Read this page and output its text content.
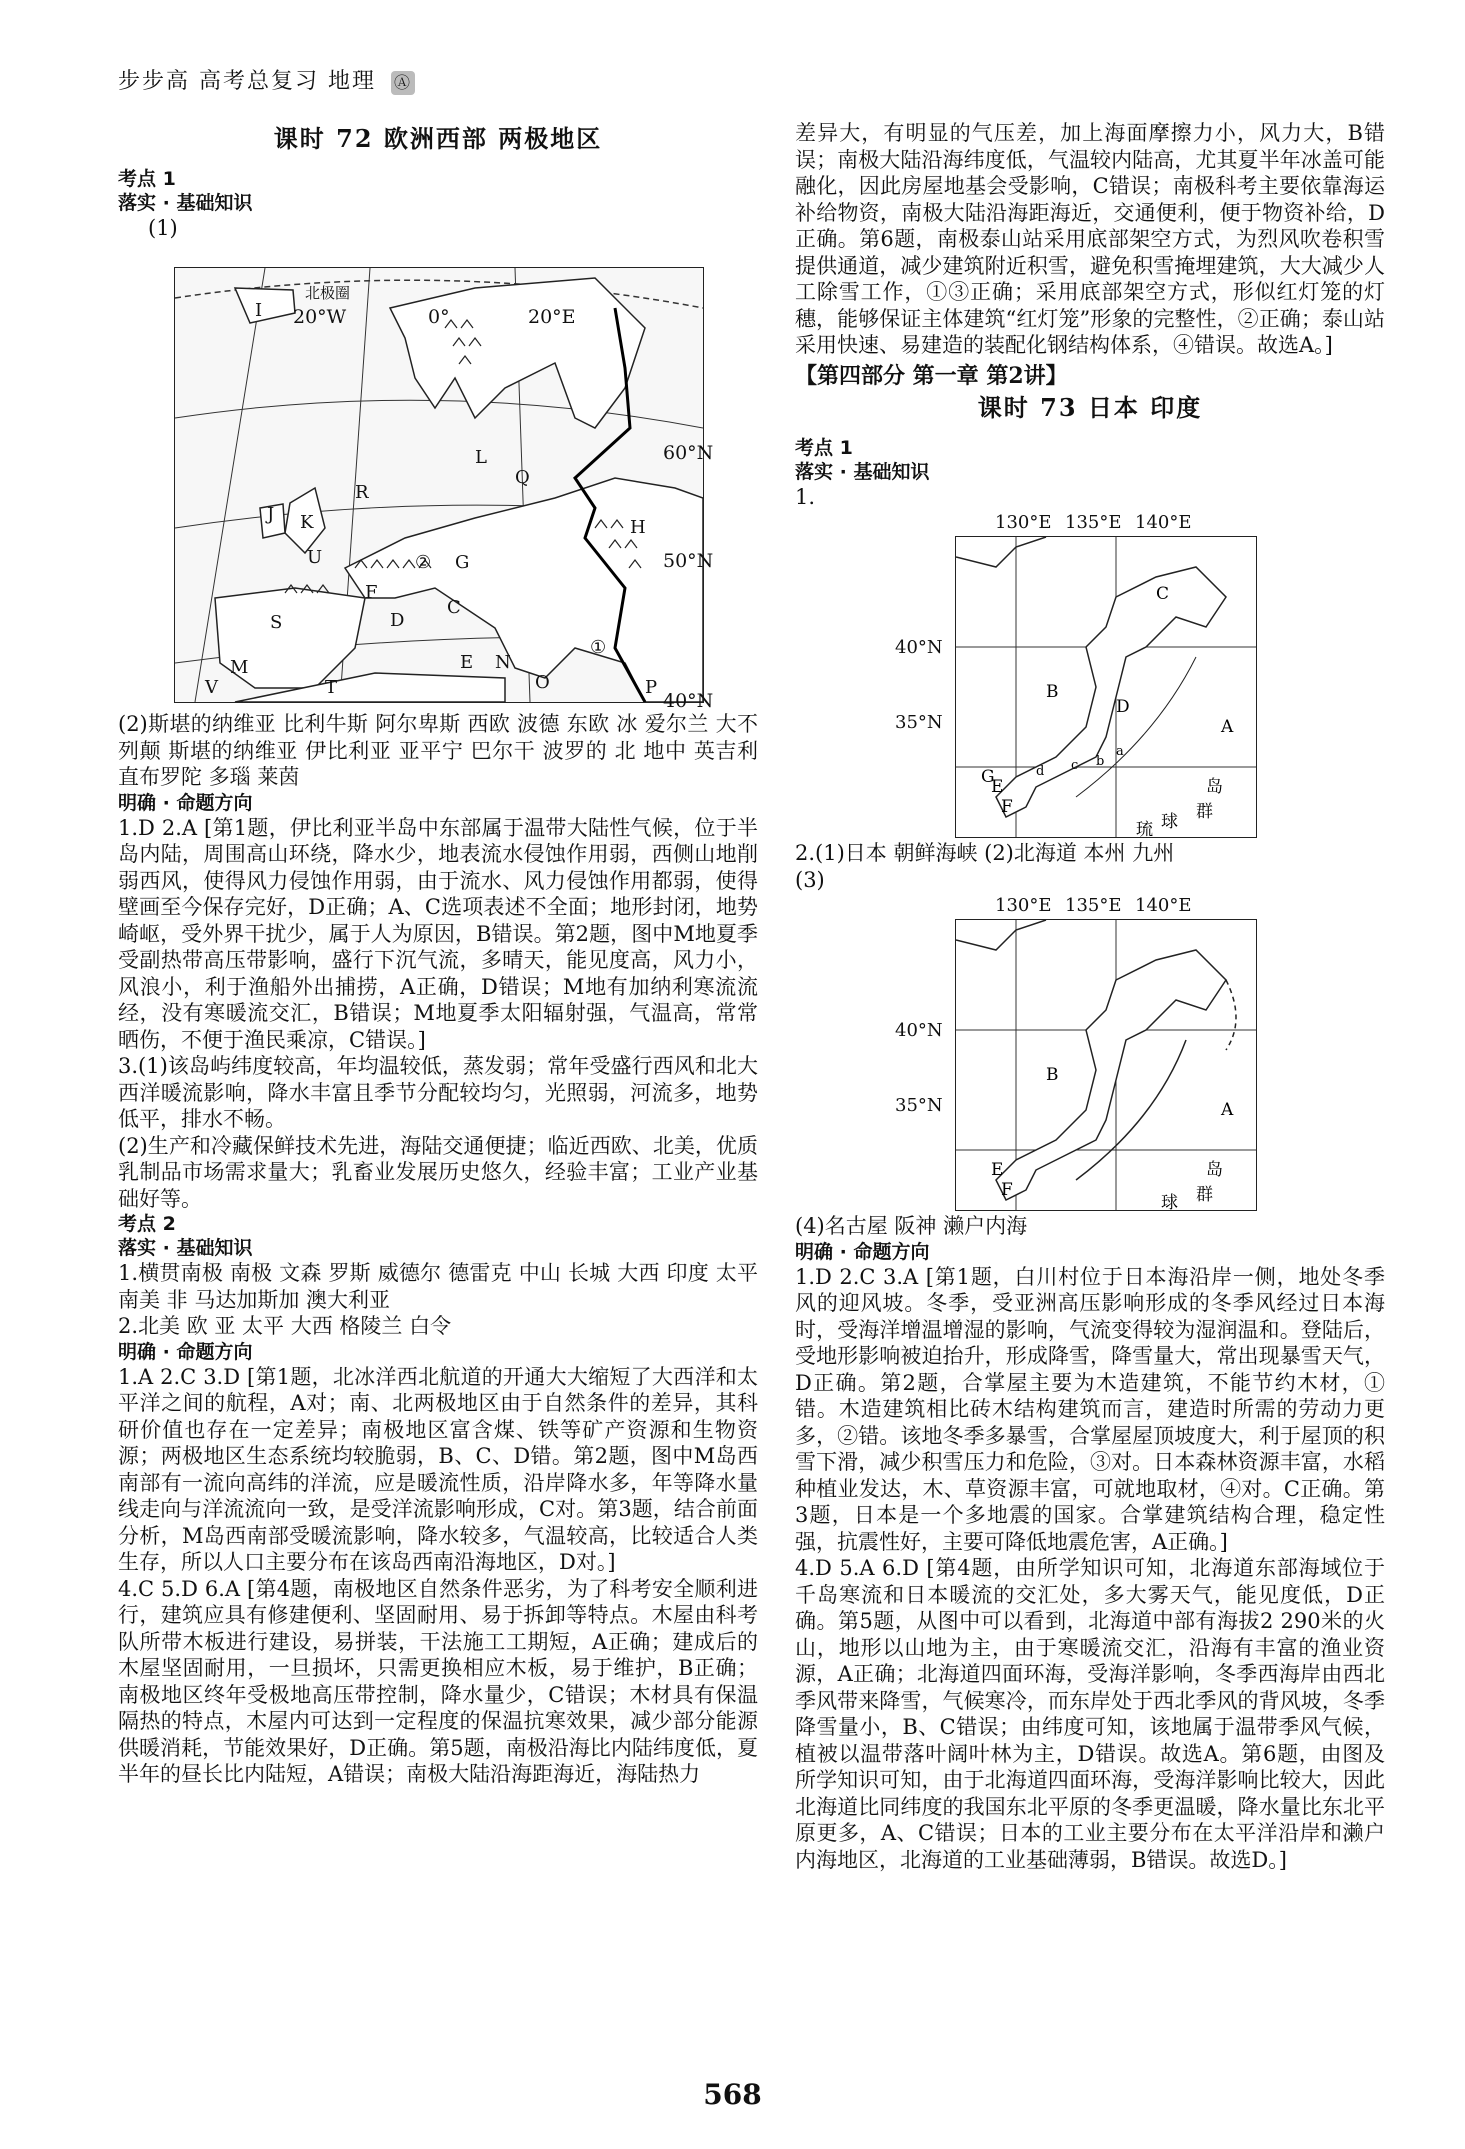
步步高 高考总复习 地理 Ⓐ
课时 72 欧洲西部 两极地区
考点 1
落实 · 基础知识

(1)

I
J K
U
R
L
Q
H
G
F
S	D
C
E N
O
M
V	T	P
②
①
北极圈
20°W	0°	20°E
60°N
50°N
40°N

(2)斯堪的纳维亚 比利牛斯 阿尔卑斯 西欧 波德 东欧 冰 爱尔兰 大不列颠 斯堪的纳维亚 伊比利亚 亚平宁 巴尔干 波罗的 北 地中 英吉利 直布罗陀 多瑙 莱茵

明确 · 命题方向

1.D 2.A [第1题，伊比利亚半岛中东部属于温带大陆性气候，位于半岛内陆，周围高山环绕，降水少，地表流水侵蚀作用弱，西侧山地削弱西风，使得风力侵蚀作用弱，由于流水、风力侵蚀作用都弱，使得壁画至今保存完好，D正确；A、C选项表述不全面；地形封闭，地势崎岖，受外界干扰少，属于人为原因，B错误。第2题，图中M地夏季受副热带高压带影响，盛行下沉气流，多晴天，能见度高，风力小，风浪小，利于渔船外出捕捞，A正确，D错误；M地有加纳利寒流流经，没有寒暖流交汇，B错误；M地夏季太阳辐射强，气温高，常常晒伤，不便于渔民乘凉，C错误。]

3.(1)该岛屿纬度较高，年均温较低，蒸发弱；常年受盛行西风和北大西洋暖流影响，降水丰富且季节分配较均匀，光照弱，河流多，地势低平，排水不畅。

(2)生产和冷藏保鲜技术先进，海陆交通便捷；临近西欧、北美，优质乳制品市场需求量大；乳畜业发展历史悠久，经验丰富；工业产业基础好等。

考点 2
落实 · 基础知识

1.横贯南极 南极 文森 罗斯 威德尔 德雷克 中山 长城 大西 印度 太平 南美 非 马达加斯加 澳大利亚

2.北美 欧 亚 太平 大西 格陵兰 白令

明确 · 命题方向

1.A 2.C 3.D [第1题，北冰洋西北航道的开通大大缩短了大西洋和太平洋之间的航程，A对；南、北两极地区由于自然条件的差异，其科研价值也存在一定差异；南极地区富含煤、铁等矿产资源和生物资源；两极地区生态系统均较脆弱，B、C、D错。第2题，图中M岛西南部有一流向高纬的洋流，应是暖流性质，沿岸降水多，年等降水量线走向与洋流流向一致，是受洋流影响形成，C对。第3题，结合前面分析，M岛西南部受暖流影响，降水较多，气温较高，比较适合人类生存，所以人口主要分布在该岛西南沿海地区，D对。]

4.C 5.D 6.A [第4题，南极地区自然条件恶劣，为了科考安全顺利进行，建筑应具有修建便利、坚固耐用、易于拆卸等特点。木屋由科考队所带木板进行建设，易拼装，干法施工工期短，A正确；建成后的木屋坚固耐用，一旦损坏，只需更换相应木板，易于维护，B正确；南极地区终年受极地高压带控制，降水量少，C错误；木材具有保温隔热的特点，木屋内可达到一定程度的保温抗寒效果，减少部分能源供暖消耗，节能效果好，D正确。第5题，南极沿海比内陆纬度低，夏半年的昼长比内陆短，A错误；南极大陆沿海距海近，海陆热力

差异大，有明显的气压差，加上海面摩擦力小，风力大，B错误；南极大陆沿海纬度低，气温较内陆高，尤其夏半年冰盖可能融化，因此房屋地基会受影响，C错误；南极科考主要依靠海运补给物资，南极大陆沿海距海近，交通便利，便于物资补给，D正确。第6题，南极泰山站采用底部架空方式，为烈风吹卷积雪提供通道，减少建筑附近积雪，避免积雪掩埋建筑，大大减少人工除雪工作，①③正确；采用底部架空方式，形似红灯笼的灯穗，能够保证主体建筑“红灯笼”形象的完整性，②正确；泰山站采用快速、易建造的装配化钢结构体系，④错误。故选A。]

【第四部分 第一章 第2讲】
课时 73 日本 印度
考点 1
落实 · 基础知识

1.

130°E 135°E 140°E
40°N
35°N
C
B
D
A
E
F
G
a
b
c
d
岛
群
球
琉

2.(1)日本 朝鲜海峡 (2)北海道 本州 九州

(3)

130°E 135°E 140°E
40°N
35°N
B
A
E
F
岛
群
球

(4)名古屋 阪神 濑户内海

明确 · 命题方向

1.D 2.C 3.A [第1题，白川村位于日本海沿岸一侧，地处冬季风的迎风坡。冬季，受亚洲高压影响形成的冬季风经过日本海时，受海洋增温增湿的影响，气流变得较为湿润温和。登陆后，受地形影响被迫抬升，形成降雪，降雪量大，常出现暴雪天气，D正确。第2题，合掌屋主要为木造建筑，不能节约木材，①错。木造建筑相比砖木结构建筑而言，建造时所需的劳动力更多，②错。该地冬季多暴雪，合掌屋屋顶坡度大，利于屋顶的积雪下滑，减少积雪压力和危险，③对。日本森林资源丰富，水稻种植业发达，木、草资源丰富，可就地取材，④对。C正确。第3题，日本是一个多地震的国家。合掌建筑结构合理，稳定性强，抗震性好，主要可降低地震危害，A正确。]

4.D 5.A 6.D [第4题，由所学知识可知，北海道东部海域位于千岛寒流和日本暖流的交汇处，多大雾天气，能见度低，D正确。第5题，从图中可以看到，北海道中部有海拔2 290米的火山，地形以山地为主，由于寒暖流交汇，沿海有丰富的渔业资源，A正确；北海道四面环海，受海洋影响，冬季西海岸由西北季风带来降雪，气候寒冷，而东岸处于西北季风的背风坡，冬季降雪量小，B、C错误；由纬度可知，该地属于温带季风气候，植被以温带落叶阔叶林为主，D错误。故选A。第6题，由图及所学知识可知，由于北海道四面环海，受海洋影响比较大，因此北海道比同纬度的我国东北平原的冬季更温暖，降水量比东北平原更多，A、C错误；日本的工业主要分布在太平洋沿岸和濑户内海地区，北海道的工业基础薄弱，B错误。故选D。]

568
